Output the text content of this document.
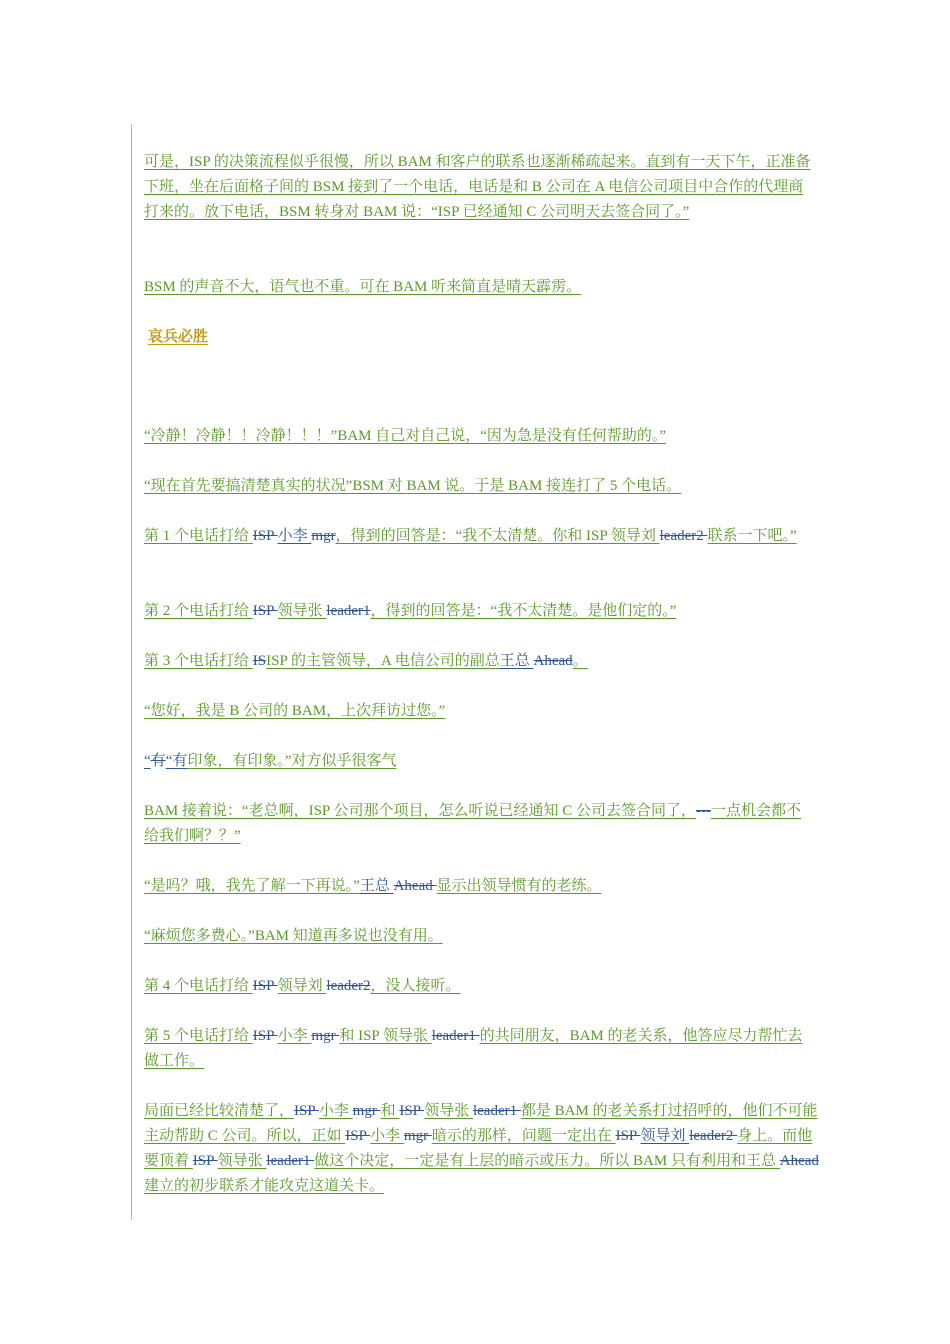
可是，ISP 的决策流程似乎很慢，所以 BAM 和客户的联系也逐渐稀疏起来。直到有一天下午，正准备下班，坐在后面格子间的 BSM 接到了一个电话，电话是和 B 公司在 A 电信公司项目中合作的代理商打来的。放下电话，BSM 转身对 BAM 说：“ISP 已经通知 C 公司明天去签合同了。”

BSM 的声音不大，语气也不重。可在 BAM 听来简直是晴天霹雳。

哀兵必胜

“冷静！冷静！！冷静！！！”BAM 自己对自己说，“因为急是没有任何帮助的。”

“现在首先要搞清楚真实的状况”BSM 对 BAM 说。于是 BAM 接连打了 5 个电话。

第 1 个电话打给 ISP 小李 mgr，得到的回答是：“我不太清楚。你和 ISP 领导刘 leader2 联系一下吧。”

第 2 个电话打给 ISP 领导张 leader1，得到的回答是：“我不太清楚。是他们定的。”

第 3 个电话打给 ISISP 的主管领导，A 电信公司的副总王总 Ahead。

“您好，我是 B 公司的 BAM，上次拜访过您。”

“有“有印象，有印象。”对方似乎很客气

BAM 接着说：“老总啊，ISP 公司那个项目，怎么听说已经通知 C 公司去签合同了，---一点机会都不给我们啊？？”

“是吗？哦，我先了解一下再说。”王总 Ahead 显示出领导惯有的老练。

“麻烦您多费心。”BAM 知道再多说也没有用。

第 4 个电话打给 ISP 领导刘 leader2，没人接听。

第 5 个电话打给 ISP 小李 mgr 和 ISP 领导张 leader1 的共同朋友，BAM 的老关系，他答应尽力帮忙去做工作。

局面已经比较清楚了，ISP 小李 mgr 和 ISP 领导张 leader1 都是 BAM 的老关系打过招呼的，他们不可能主动帮助 C 公司。所以，正如 ISP 小李 mgr 暗示的那样，问题一定出在 ISP 领导刘 leader2 身上。而他要顶着 ISP 领导张 leader1 做这个决定，一定是有上层的暗示或压力。所以 BAM 只有利用和王总 Ahead 建立的初步联系才能攻克这道关卡。
